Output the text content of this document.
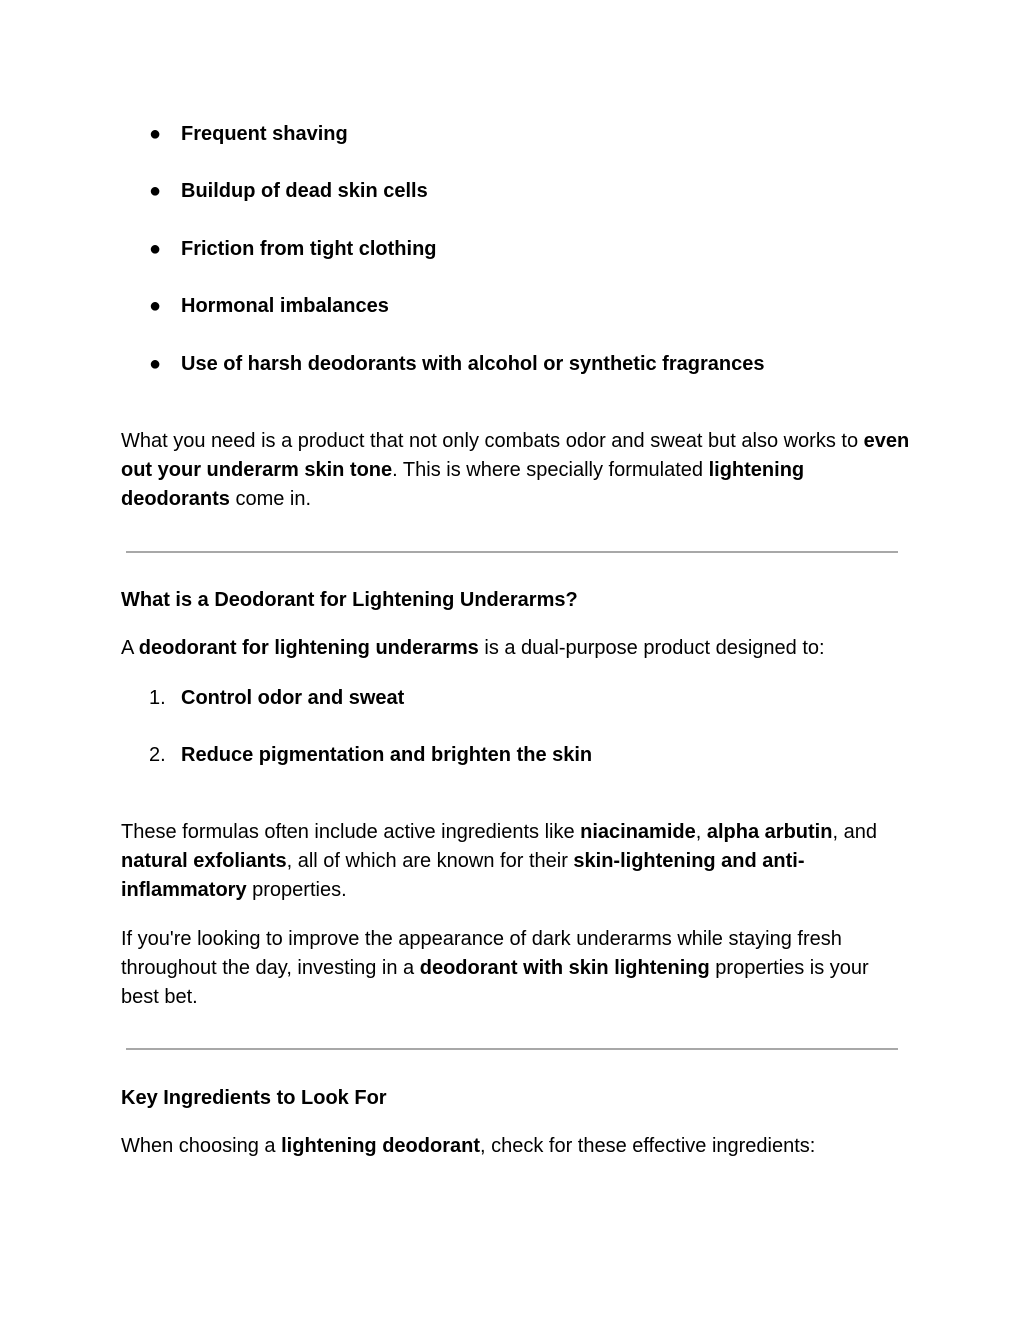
● Frequent shaving
● Buildup of dead skin cells
● Friction from tight clothing
● Hormonal imbalances
● Use of harsh deodorants with alcohol or synthetic fragrances

What you need is a product that not only combats odor and sweat but also works to even out your underarm skin tone. This is where specially formulated lightening deodorants come in.

What is a Deodorant for Lightening Underarms?

A deodorant for lightening underarms is a dual-purpose product designed to:

1. Control odor and sweat
2. Reduce pigmentation and brighten the skin

These formulas often include active ingredients like niacinamide, alpha arbutin, and natural exfoliants, all of which are known for their skin-lightening and anti-inflammatory properties.

If you're looking to improve the appearance of dark underarms while staying fresh throughout the day, investing in a deodorant with skin lightening properties is your best bet.

Key Ingredients to Look For

When choosing a lightening deodorant, check for these effective ingredients:
